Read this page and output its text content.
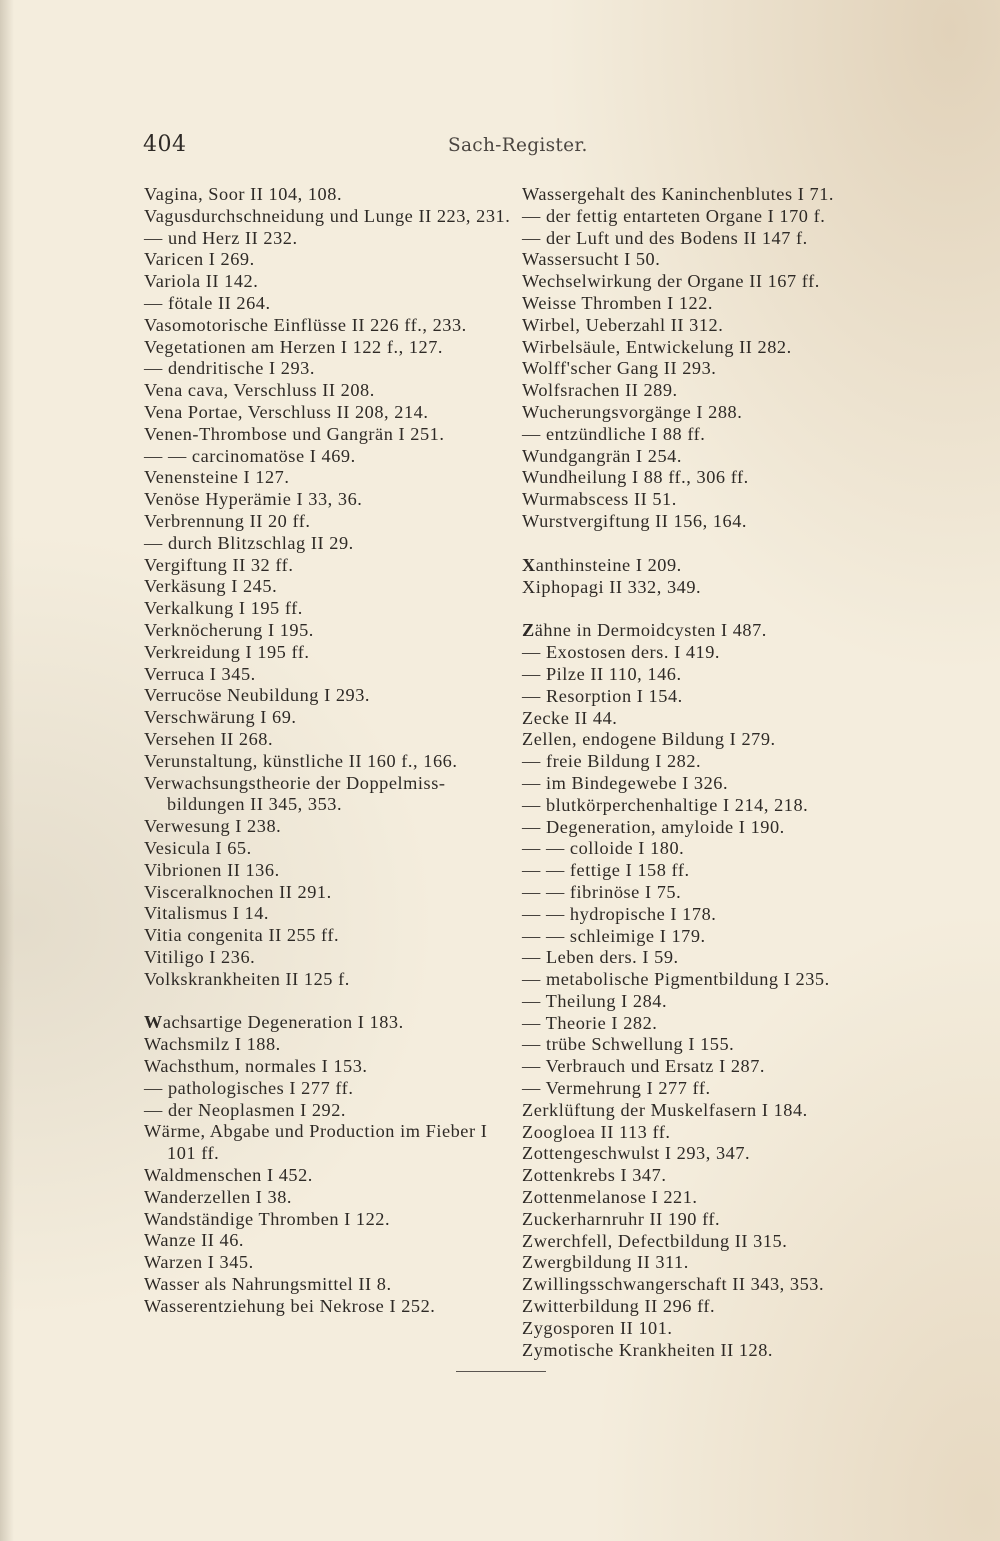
404	Sach-Register.
Vagina, Soor II 104, 108.
Vagusdurchschneidung und Lunge II 223, 231.
— und Herz II 232.
Varicen I 269.
Variola II 142.
— fötale II 264.
Vasomotorische Einflüsse II 226 ff., 233.
Vegetationen am Herzen I 122 f., 127.
— dendritische I 293.
Vena cava, Verschluss II 208.
Vena Portae, Verschluss II 208, 214.
Venen-Thrombose und Gangrän I 251.
— — carcinomatöse I 469.
Venensteine I 127.
Venöse Hyperämie I 33, 36.
Verbrennung II 20 ff.
— durch Blitzschlag II 29.
Vergiftung II 32 ff.
Verkäsung I 245.
Verkalkung I 195 ff.
Verknöcherung I 195.
Verkreidung I 195 ff.
Verruca I 345.
Verrucöse Neubildung I 293.
Verschwärung I 69.
Versehen II 268.
Verunstaltung, künstliche II 160 f., 166.
Verwachsungstheorie der Doppelmiss-bildungen II 345, 353.
Verwesung I 238.
Vesicula I 65.
Vibrionen II 136.
Visceralknochen II 291.
Vitalismus I 14.
Vitia congenita II 255 ff.
Vitiligo I 236.
Volkskrankheiten II 125 f.
Wachsartige Degeneration I 183.
Wachsmilz I 188.
Wachsthum, normales I 153.
— pathologisches I 277 ff.
— der Neoplasmen I 292.
Wärme, Abgabe und Production im Fieber I 101 ff.
Waldmenschen I 452.
Wanderzellen I 38.
Wandständige Thromben I 122.
Wanze II 46.
Warzen I 345.
Wasser als Nahrungsmittel II 8.
Wasserentziehung bei Nekrose I 252.
Wassergehalt des Kaninchenblutes I 71.
— der fettig entarteten Organe I 170 f.
— der Luft und des Bodens II 147 f.
Wassersucht I 50.
Wechselwirkung der Organe II 167 ff.
Weisse Thromben I 122.
Wirbel, Ueberzahl II 312.
Wirbelsäule, Entwickelung II 282.
Wolff'scher Gang II 293.
Wolfsrachen II 289.
Wucherungsvorgänge I 288.
— entzündliche I 88 ff.
Wundgangrän I 254.
Wundheilung I 88 ff., 306 ff.
Wurmabscess II 51.
Wurstvergiftung II 156, 164.
Xanthinsteine I 209.
Xiphopagi II 332, 349.
Zähne in Dermoidcysten I 487.
— Exostosen ders. I 419.
— Pilze II 110, 146.
— Resorption I 154.
Zecke II 44.
Zellen, endogene Bildung I 279.
— freie Bildung I 282.
— im Bindegewebe I 326.
— blutkörperchenhaltige I 214, 218.
— Degeneration, amyloide I 190.
— — colloide I 180.
— — fettige I 158 ff.
— — fibrinöse I 75.
— — hydropische I 178.
— — schleimige I 179.
— Leben ders. I 59.
— metabolische Pigmentbildung I 235.
— Theilung I 284.
— Theorie I 282.
— trübe Schwellung I 155.
— Verbrauch und Ersatz I 287.
— Vermehrung I 277 ff.
Zerklüftung der Muskelfasern I 184.
Zoogloea II 113 ff.
Zottengeschwulst I 293, 347.
Zottenkrebs I 347.
Zottenmelanose I 221.
Zuckerharnruhr II 190 ff.
Zwerchfell, Defectbildung II 315.
Zwergbildung II 311.
Zwillingsschwangerschaft II 343, 353.
Zwitterbildung II 296 ff.
Zygosporen II 101.
Zymotische Krankheiten II 128.
